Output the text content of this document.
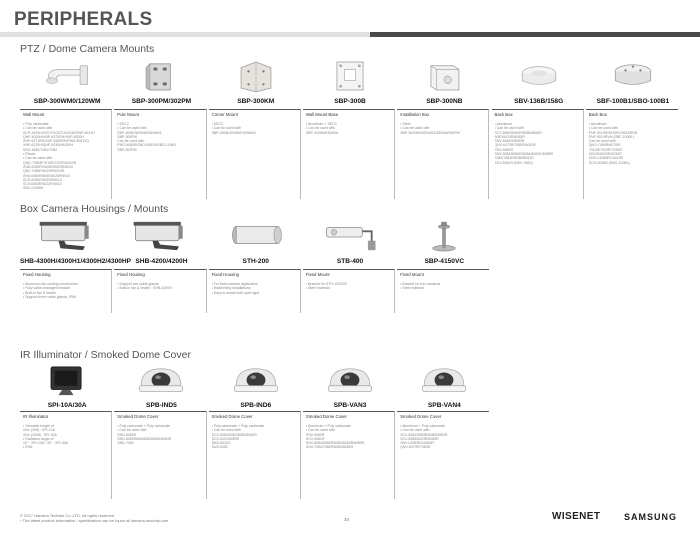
PERIPHERALS
PTZ / Dome Camera Mounts
SBP-300WM0/120WM
Wall Mount
• Poly carbonate
• Can be used with
SCP-3430H/3370TH/3371H/2430/SNP-6321H
QNP-6320H/XNP-6370RH/XNP-6320H
XNP-6371RH/XNP-6550RH/PNM-9081VQ
XNP-6120H/QNP-6230H/6250H
SNO-6081/7081/7082
• Plastic
• Can be used with
QND-7080R/7010R/7020R/6010R
XND-6080RV/6080/6020R/6010
QNV-7080R/6020R/6010R
XNV-6080R/6080/6020R/6010
SCD-6083R/6023R/6013
SCV-6083R/6023R/6013
SBV-120WM
SBP-300PM/302PM
Pole Mount
• SECC
• Can be used with
SBP-300B/300WM/300WM1
SBP-300PM
Can be used with
PNO-9080R/SNO-8081R/SBO-100B1
SBP-302PM
SBP-300KM
Corner Mount
• SECC
• Can be used with
SBP-300B/300WM/300WM1
SBP-300B
Wall Mount Base
• Aluminum + SECC
• Can be used with
SBP-300WM/300KM
SBP-300NB
Installation Box
• Steel
• Can be used with
SBP-300WM/300WM1/300NM/300PM
SBV-136B/158G
Back Box
• Aluminum
• Can be used with
SCV-5082/5083R/5085/5083R
5082/6023R/6083R
SNV-5084R/5080R
QNV-6070R/7080R/6010R
PNV-9080R
SNV-5084/5084R/6084/6084R/6085R
7084/7084R/8080/8081R
SCV-6081R (SBV-158G)
SBF-100B1/SBO-100B1
Back Box
• Aluminum
• Can be used with
PNF-9010R/9010RV/9010RVM
PNF-9010RVM (SBF-100B1)
Can be used with
QNO-7080R/6070R/
7010R/7020R/7030R/
6010R/6020R/6030R
SNO-L6083R/L6013R
SCO-6083R (SBO-100B1)
Box Camera Housings / Mounts
SHB-4300H/4300H1/4300H2/4300HP
Fixed Housing
• Aluminum die-casting construction
• Fully cable-managed bracket
• Built-in fan & heater
• Support three cable glands, IP66
SHB-4200/4200H
Fixed Housing
• Support two cable glands
• Built-in fan & heater : SHB-4200H
STH-200
Fixed Housing
• For fixed camera application
• Wall/ceiling installations
• Easy to install side-open type
STB-400
Fixed Mount
• Bracket for STH-100/200
• Steel material
SBP-4150VC
Fixed Mount
• Bracket for box cameras
• Steel material
IR Illuminator / Smoked Dome Cover
SPI-10A/30A
IR Illuminator
• Viewable length of
10m (33ft) : SPI-10A
30m (100ft) : SPI-30A
• Radiation angle of
10° : SPI-10A / 30° : SPI-30A
• IP66
SPB-IND5
Smoked Dome Cover
• Poly carbonate + Poly carbonate
• Can be used with
SND-6081R
SND-5083/5084/6083/6084/6084R
SND-7084
SPB-IND6
Smoked Dome Cover
• Poly carbonate + Poly carbonate
• Can be used with
SCD-5080/5082/5083/5083R
SCD-6021/6083R
SND-6011R
SUD-5082
SPB-VAN3
Smoked Dome Cover
• Aluminum + Poly carbonate
• Can be used with
PNV-9080R
SCV-6081R
SNV-5084/5084R/6084/6084R/6085R
SNV-7084/7084R/8080/8081R
SPB-VAN4
Smoked Dome Cover
• Aluminum + Poly carbonate
• Can be used with
SCV-5082/5083R/5085/5083R
SCV-5085/6023R/6083R
SNV-L5083R/L6083R
QNV-6070R/7080R
© 2017 Hanwha Techwin Co.,LTD. All rights reserved.
* The latest product information / specification can be found at hanwha-security.com	34	WISENET	SAMSUNG
